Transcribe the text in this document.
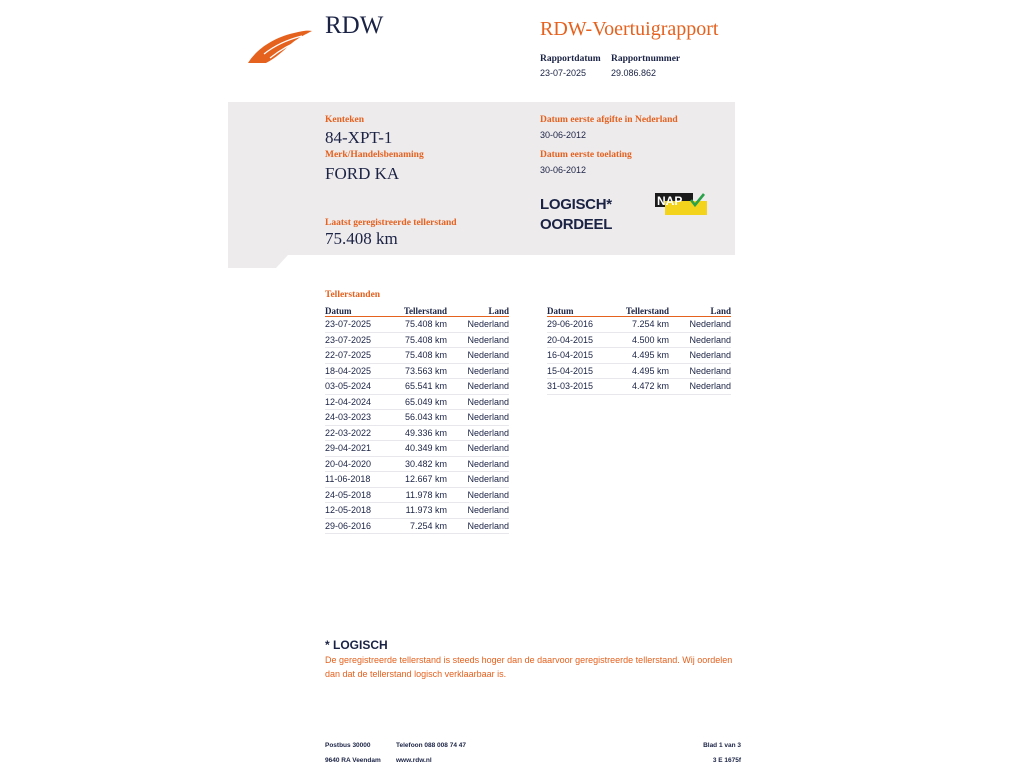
RDW	RDW-Voertuigrapport
Rapportdatum
23-07-2025
Rapportnummer
29.086.862
Kenteken
84-XPT-1
Merk/Handelsbenaming
FORD KA
Laatst geregistreerde tellerstand
75.408 km
Datum eerste afgifte in Nederland
30-06-2012
Datum eerste toelating
30-06-2012
LOGISCH* OORDEEL
NAP
Tellerstanden
Datum	Tellerstand	Land
23-07-2025	75.408 km	Nederland
23-07-2025	75.408 km	Nederland
22-07-2025	75.408 km	Nederland
18-04-2025	73.563 km	Nederland
03-05-2024	65.541 km	Nederland
12-04-2024	65.049 km	Nederland
24-03-2023	56.043 km	Nederland
22-03-2022	49.336 km	Nederland
29-04-2021	40.349 km	Nederland
20-04-2020	30.482 km	Nederland
11-06-2018	12.667 km	Nederland
24-05-2018	11.978 km	Nederland
12-05-2018	11.973 km	Nederland
29-06-2016	7.254 km	Nederland
Datum	Tellerstand	Land
29-06-2016	7.254 km	Nederland
20-04-2015	4.500 km	Nederland
16-04-2015	4.495 km	Nederland
15-04-2015	4.495 km	Nederland
31-03-2015	4.472 km	Nederland
* LOGISCH
De geregistreerde tellerstand is steeds hoger dan de daarvoor geregistreerde tellerstand. Wij oordelen dan dat de tellerstand logisch verklaarbaar is.
Postbus 30000
9640 RA Veendam
Telefoon 088 008 74 47
www.rdw.nl
Blad 1 van 3
3 E 1675f
